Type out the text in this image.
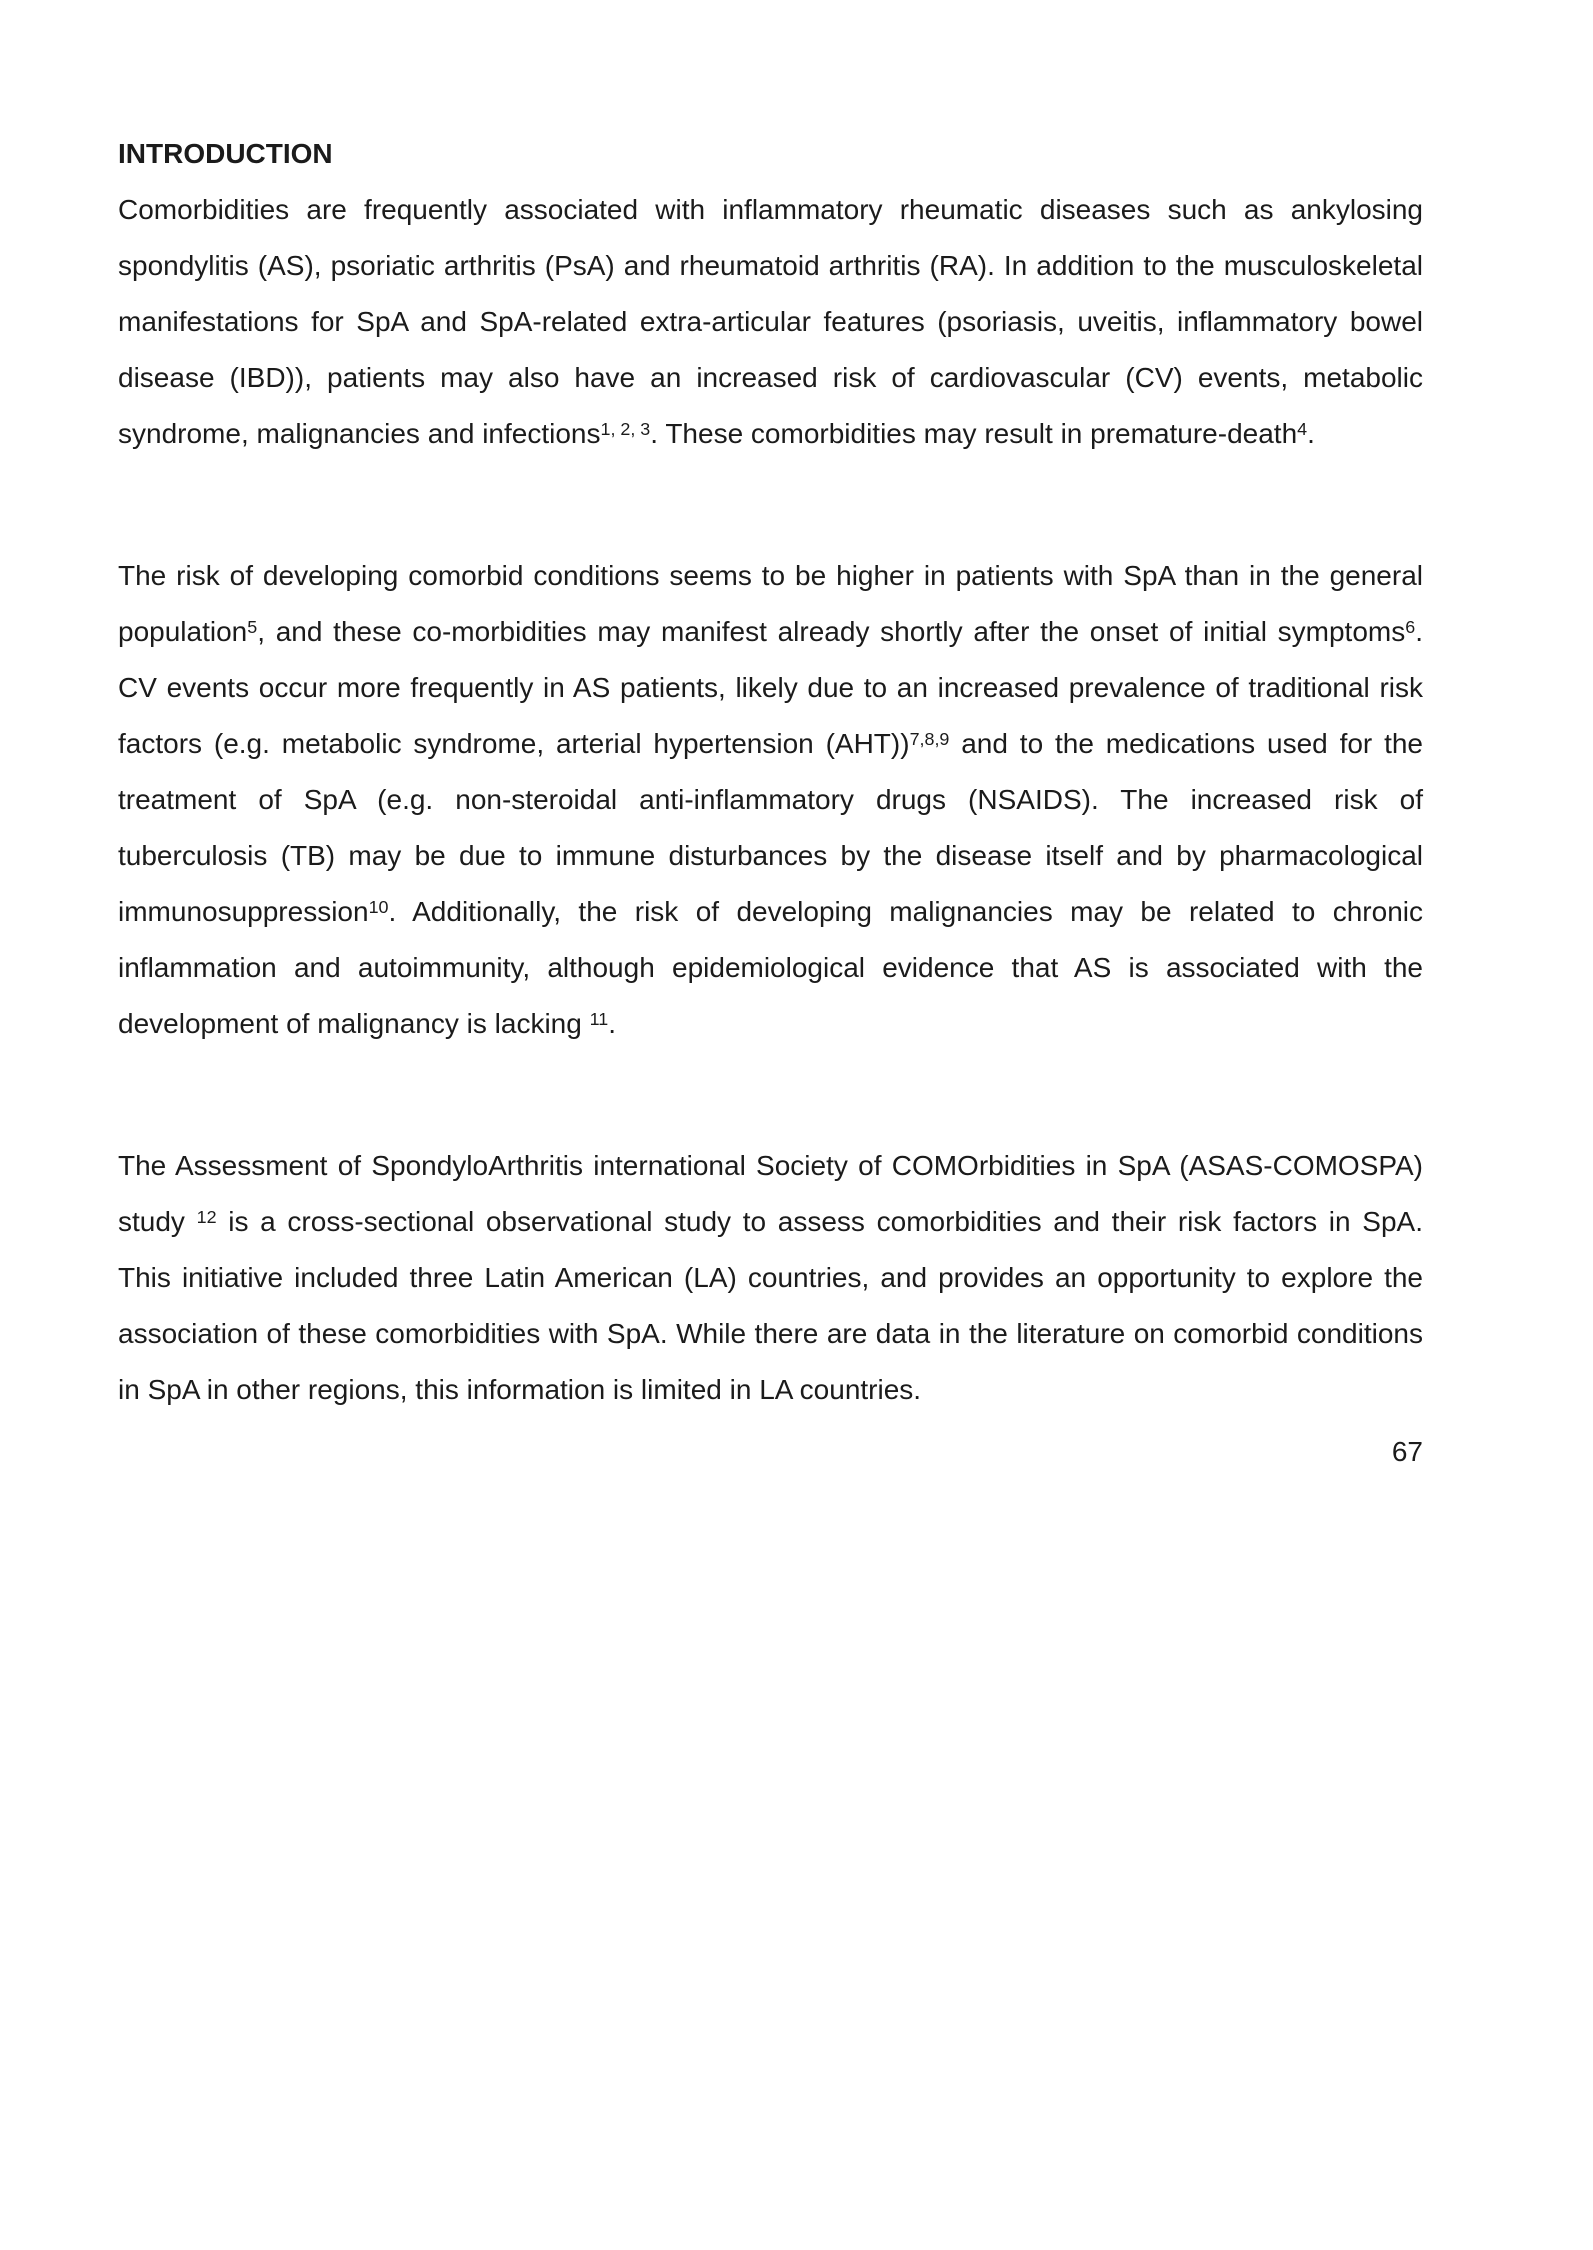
INTRODUCTION

Comorbidities are frequently associated with inflammatory rheumatic diseases such as ankylosing spondylitis (AS), psoriatic arthritis (PsA) and rheumatoid arthritis (RA). In addition to the musculoskeletal manifestations for SpA and SpA-related extra-articular features (psoriasis, uveitis, inflammatory bowel disease (IBD)), patients may also have an increased risk of cardiovascular (CV) events, metabolic syndrome, malignancies and infections$^{1, 2, 3}$. These comorbidities may result in premature-death$^4$.

The risk of developing comorbid conditions seems to be higher in patients with SpA than in the general population$^5$, and these co-morbidities may manifest already shortly after the onset of initial symptoms$^6$. CV events occur more frequently in AS patients, likely due to an increased prevalence of traditional risk factors (e.g. metabolic syndrome, arterial hypertension (AHT))$^{7,8,9}$ and to the medications used for the treatment of SpA (e.g. non-steroidal anti-inflammatory drugs (NSAIDS). The increased risk of tuberculosis (TB) may be due to immune disturbances by the disease itself and by pharmacological immunosuppression$^{10}$. Additionally, the risk of developing malignancies may be related to chronic inflammation and autoimmunity, although epidemiological evidence that AS is associated with the development of malignancy is lacking $^{11}$.

The Assessment of SpondyloArthritis international Society of COMOrbidities in SpA (ASAS-COMOSPA) study $^{12}$ is a cross-sectional observational study to assess comorbidities and their risk factors in SpA. This initiative included three Latin American (LA) countries, and provides an opportunity to explore the association of these comorbidities with SpA. While there are data in the literature on comorbid conditions in SpA in other regions, this information is limited in LA countries.

67
